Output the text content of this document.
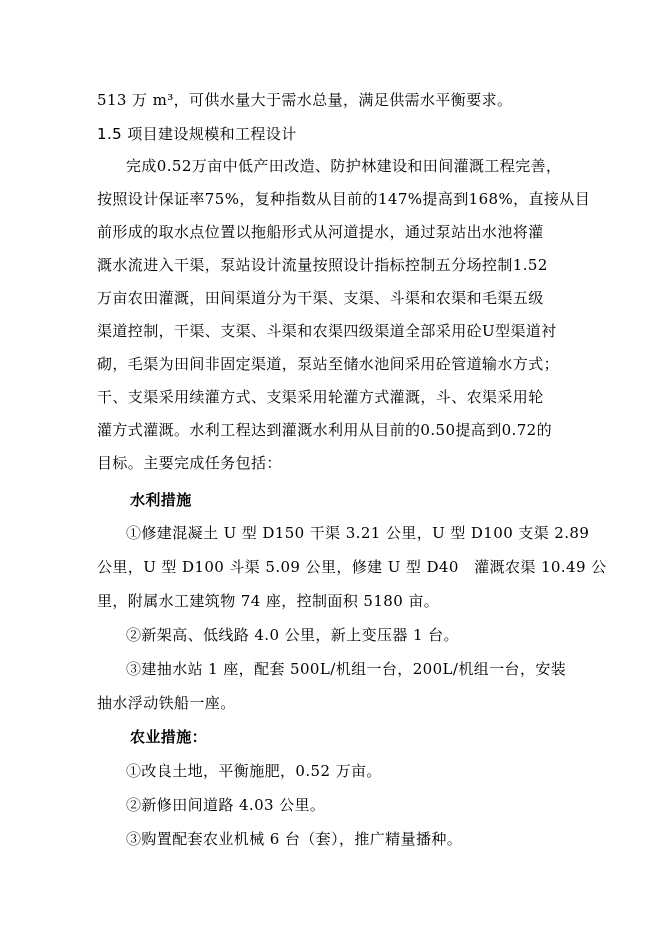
513 万 m³，可供水量大于需水总量，满足供需水平衡要求。
1.5 项目建设规模和工程设计
完成0.52万亩中低产田改造、防护林建设和田间灌溉工程完善，
按照设计保证率75%，复种指数从目前的147%提高到168%，直接从目
前形成的取水点位置以拖船形式从河道提水，通过泵站出水池将灌
溉水流进入干渠，泵站设计流量按照设计指标控制五分场控制1.52
万亩农田灌溉，田间渠道分为干渠、支渠、斗渠和农渠和毛渠五级
渠道控制，干渠、支渠、斗渠和农渠四级渠道全部采用砼U型渠道衬
砌，毛渠为田间非固定渠道，泵站至储水池间采用砼管道输水方式；
干、支渠采用续灌方式、支渠采用轮灌方式灌溉，斗、农渠采用轮
灌方式灌溉。水利工程达到灌溉水利用从目前的0.50提高到0.72的
目标。主要完成任务包括：
水利措施
①修建混凝土 U 型 D150 干渠 3.21 公里，U 型 D100 支渠 2.89
公里，U 型 D100 斗渠 5.09 公里，修建 U 型 D40　灌溉农渠 10.49 公
里，附属水工建筑物 74 座，控制面积 5180 亩。
②新架高、低线路 4.0 公里，新上变压器 1 台。
③建抽水站 1 座，配套 500L/机组一台，200L/机组一台，安装
抽水浮动铁船一座。
农业措施：
①改良土地，平衡施肥，0.52 万亩。
②新修田间道路 4.03 公里。
③购置配套农业机械 6 台（套），推广精量播种。
